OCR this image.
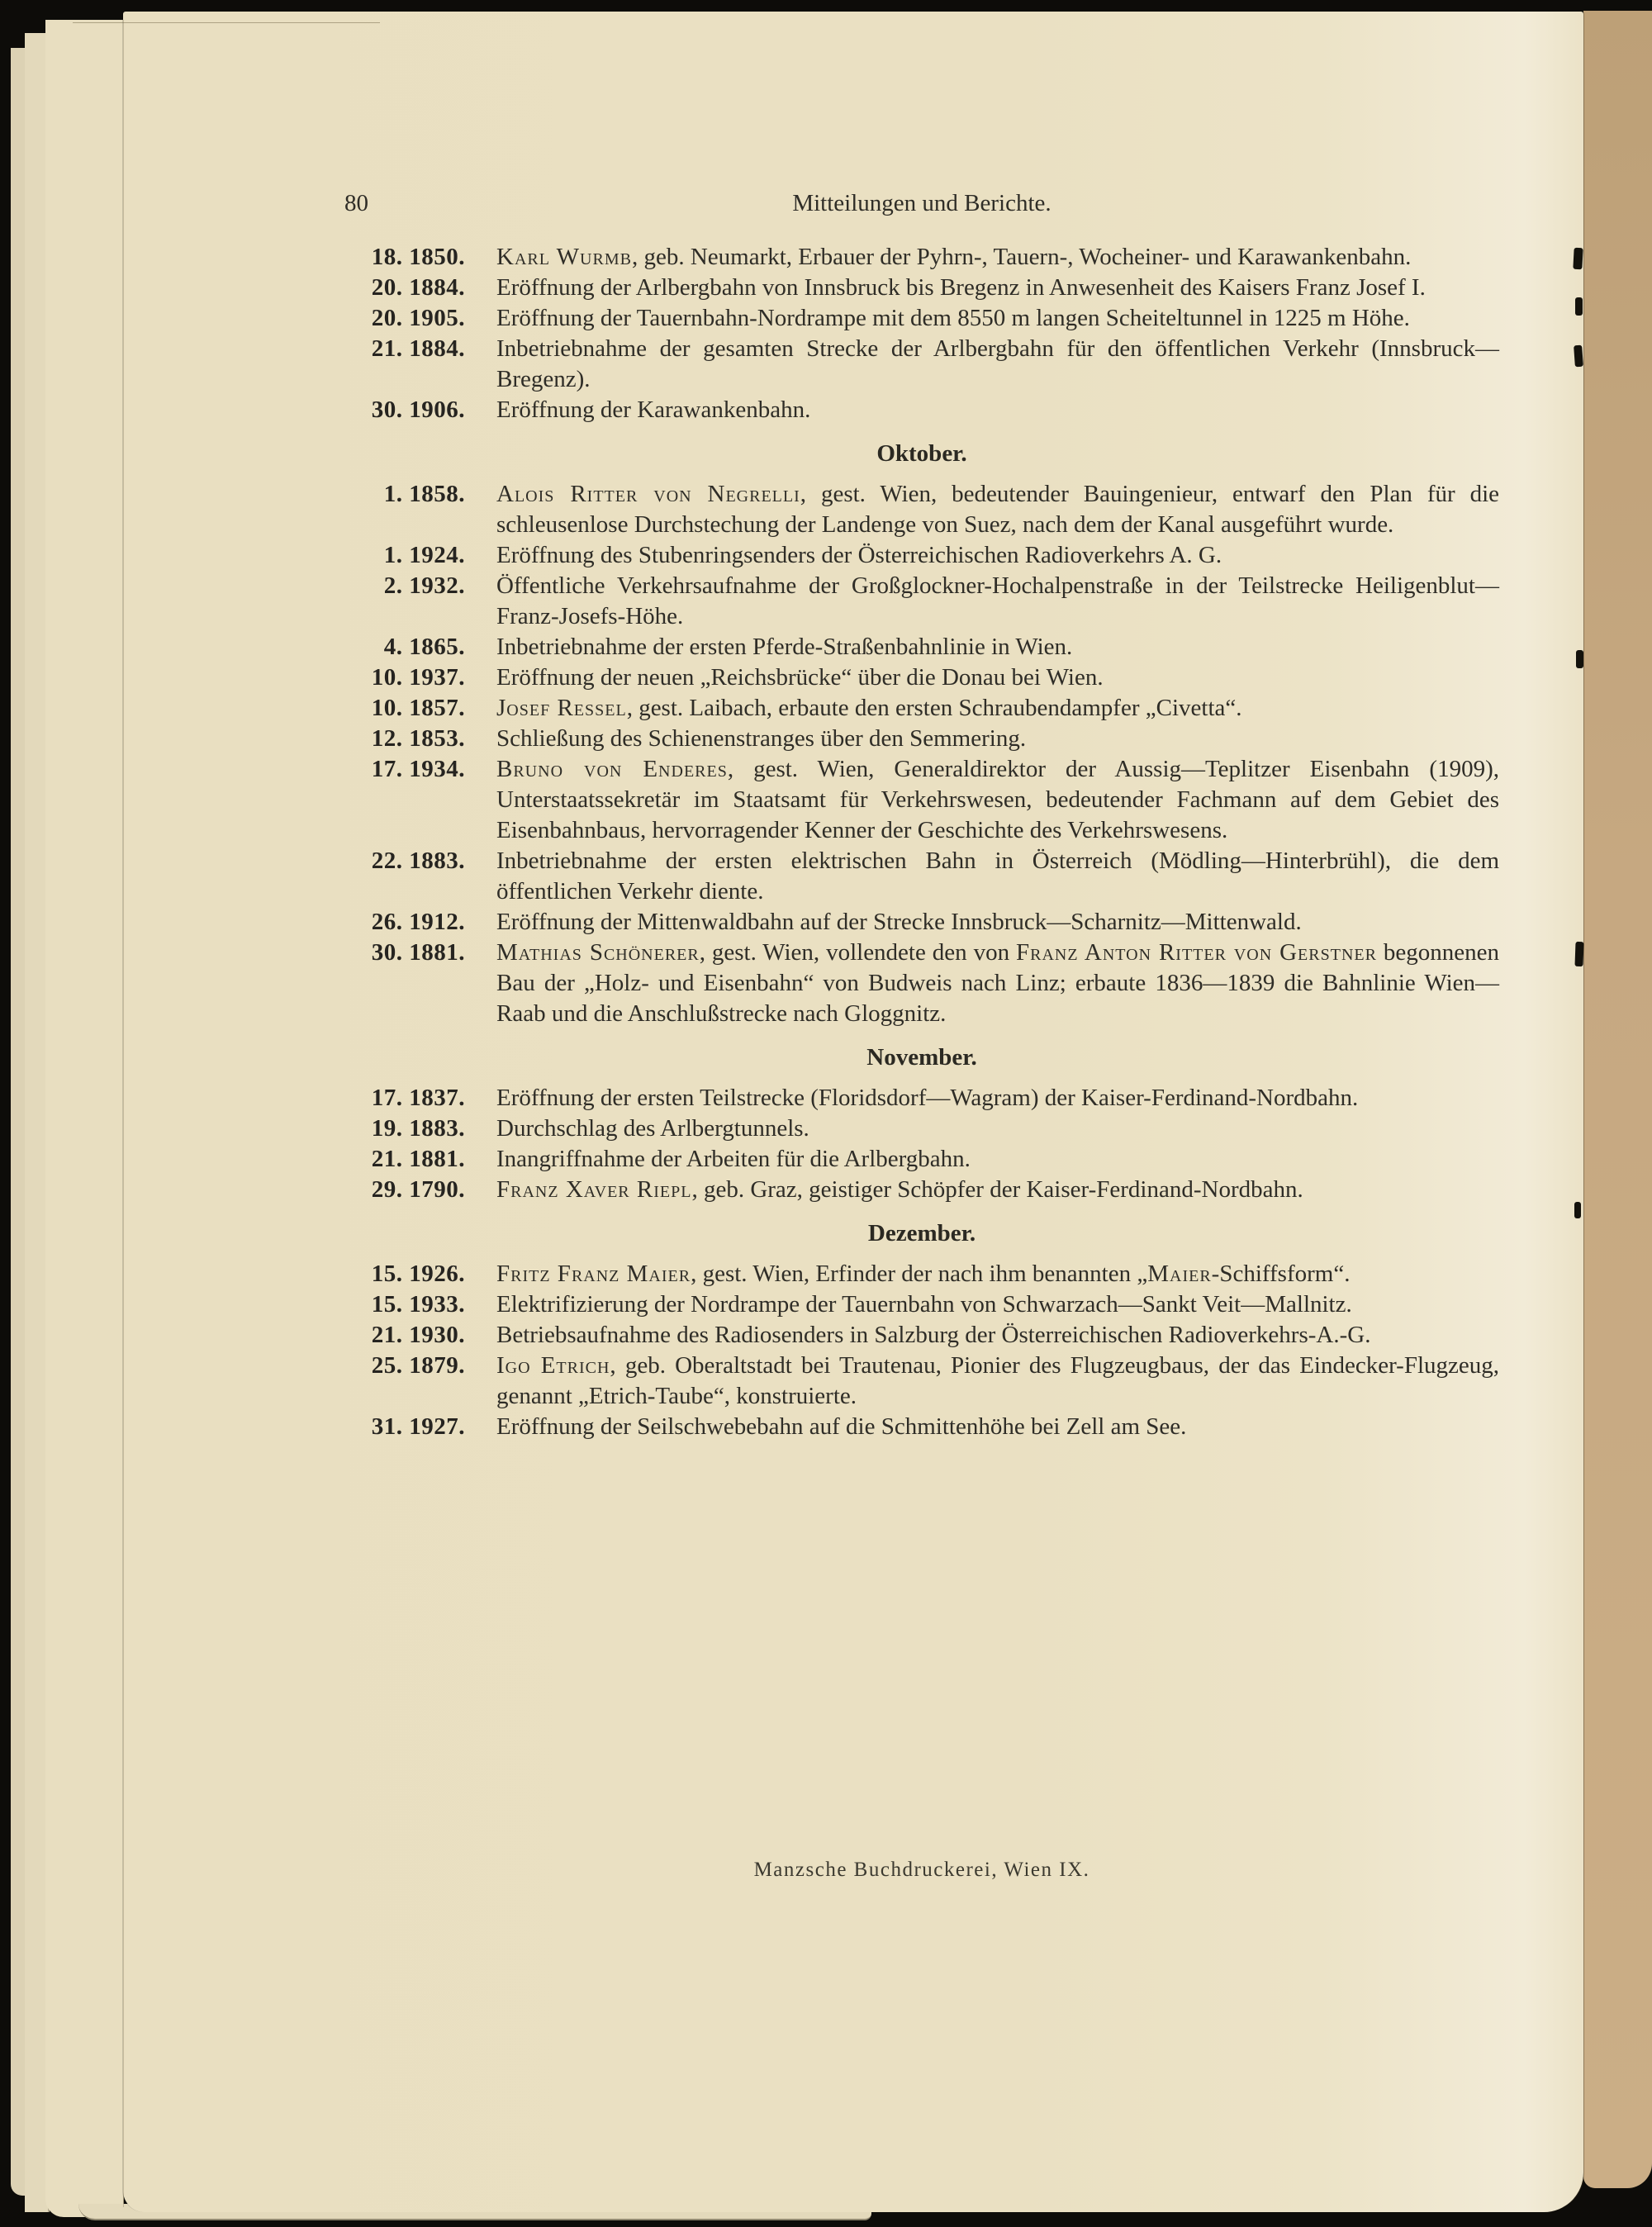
80	Mitteilungen und Berichte.
18. 1850. Karl Wurmb, geb. Neumarkt, Erbauer der Pyhrn-, Tauern-, Wocheiner- und Karawankenbahn.
20. 1884. Eröffnung der Arlbergbahn von Innsbruck bis Bregenz in Anwesenheit des Kaisers Franz Josef I.
20. 1905. Eröffnung der Tauernbahn-Nordrampe mit dem 8550 m langen Scheiteltunnel in 1225 m Höhe.
21. 1884. Inbetriebnahme der gesamten Strecke der Arlbergbahn für den öffentlichen Verkehr (Innsbruck—Bregenz).
30. 1906. Eröffnung der Karawankenbahn.
Oktober.
1. 1858. Alois Ritter von Negrelli, gest. Wien, bedeutender Bauingenieur, entwarf den Plan für die schleusenlose Durchstechung der Landenge von Suez, nach dem der Kanal ausgeführt wurde.
1. 1924. Eröffnung des Stubenringsenders der Österreichischen Radioverkehrs A. G.
2. 1932. Öffentliche Verkehrsaufnahme der Großglockner-Hochalpenstraße in der Teilstrecke Heiligenblut—Franz-Josefs-Höhe.
4. 1865. Inbetriebnahme der ersten Pferde-Straßenbahnlinie in Wien.
10. 1937. Eröffnung der neuen „Reichsbrücke“ über die Donau bei Wien.
10. 1857. Josef Ressel, gest. Laibach, erbaute den ersten Schraubendampfer „Civetta“.
12. 1853. Schließung des Schienenstranges über den Semmering.
17. 1934. Bruno von Enderes, gest. Wien, Generaldirektor der Aussig—Teplitzer Eisenbahn (1909), Unterstaatssekretär im Staatsamt für Verkehrswesen, bedeutender Fachmann auf dem Gebiet des Eisenbahnbaus, hervorragender Kenner der Geschichte des Verkehrswesens.
22. 1883. Inbetriebnahme der ersten elektrischen Bahn in Österreich (Mödling—Hinterbrühl), die dem öffentlichen Verkehr diente.
26. 1912. Eröffnung der Mittenwaldbahn auf der Strecke Innsbruck—Scharnitz—Mittenwald.
30. 1881. Mathias Schönerer, gest. Wien, vollendete den von Franz Anton Ritter von Gerstner begonnenen Bau der „Holz- und Eisenbahn“ von Budweis nach Linz; erbaute 1836—1839 die Bahnlinie Wien—Raab und die Anschlußstrecke nach Gloggnitz.
November.
17. 1837. Eröffnung der ersten Teilstrecke (Floridsdorf—Wagram) der Kaiser-Ferdinand-Nordbahn.
19. 1883. Durchschlag des Arlbergtunnels.
21. 1881. Inangriffnahme der Arbeiten für die Arlbergbahn.
29. 1790. Franz Xaver Riepl, geb. Graz, geistiger Schöpfer der Kaiser-Ferdinand-Nordbahn.
Dezember.
15. 1926. Fritz Franz Maier, gest. Wien, Erfinder der nach ihm benannten „Maier-Schiffsform“.
15. 1933. Elektrifizierung der Nordrampe der Tauernbahn von Schwarzach—Sankt Veit—Mallnitz.
21. 1930. Betriebsaufnahme des Radiosenders in Salzburg der Österreichischen Radioverkehrs-A.-G.
25. 1879. Igo Etrich, geb. Oberaltstadt bei Trautenau, Pionier des Flugzeugbaus, der das Eindecker-Flugzeug, genannt „Etrich-Taube“, konstruierte.
31. 1927. Eröffnung der Seilschwebebahn auf die Schmittenhöhe bei Zell am See.
Manzsche Buchdruckerei, Wien IX.
